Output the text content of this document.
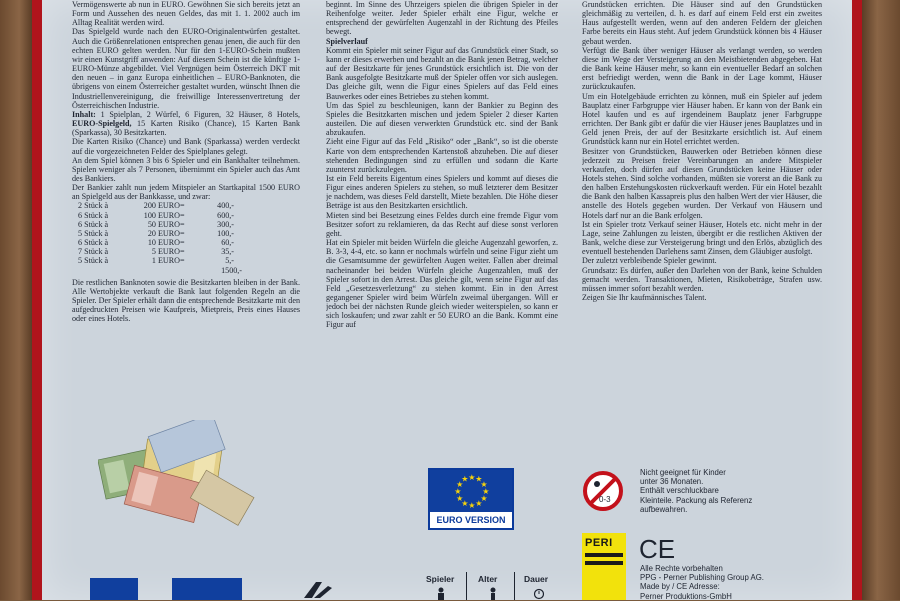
Vermögenswerte ab nun in EURO. Gewöhnen Sie sich bereits jetzt an Form und Aussehen des neuen Geldes, das mit 1. 1. 2002 auch im Alltag Realität werden wird.

Das Spielgeld wurde nach den EURO-Originalentwürfen gestaltet. Auch die Größenrelationen entsprechen genau jenen, die auch für den echten EURO gelten werden. Nur für den 1-EURO-Schein mußten wir einen Kunstgriff anwenden: Auf diesem Schein ist die künftige 1-EURO-Münze abgebildet. Viel Vergnügen beim Österreich DKT mit den neuen – in ganz Europa einheitlichen – EURO-Banknoten, die übrigens von einem Österreicher gestaltet wurden, wünscht Ihnen die Industriellenvereinigung, die freiwillige Interessenvertretung der Österreichischen Industrie.

Inhalt: 1 Spielplan, 2 Würfel, 6 Figuren, 32 Häuser, 8 Hotels, EURO-Spielgeld, 15 Karten Risiko (Chance), 15 Karten Bank (Sparkassa), 30 Besitzkarten.

Die Karten Risiko (Chance) und Bank (Sparkassa) werden verdeckt auf die vorgezeichneten Felder des Spielplanes gelegt.

An dem Spiel können 3 bis 6 Spieler und ein Bankhalter teilnehmen. Spielen weniger als 7 Personen, übernimmt ein Spieler auch das Amt des Bankiers.

Der Bankier zahlt nun jedem Mitspieler an Startkapital 1500 EURO an Spielgeld aus der Bankkasse, und zwar:

2 Stück à	200 EURO =	400,-
6 Stück à	100 EURO =	600,-
6 Stück à	50 EURO =	300,-
5 Stück à	20 EURO =	100,-
6 Stück à	10 EURO =	60,-
7 Stück à	5 EURO =	35,-
5 Stück à	1 EURO =	5,-
1500,-

Die restlichen Banknoten sowie die Besitzkarten bleiben in der Bank. Alle Wertobjekte verkauft die Bank laut folgenden Regeln an die Spieler. Der Spieler erhält dann die entsprechende Besitzkarte mit den aufgedruckten Preisen wie Kaufpreis, Mietpreis, Preis eines Hauses oder eines Hotels.

beginnt. Im Sinne des Uhrzeigers spielen die übrigen Spieler in der Reihenfolge weiter. Jeder Spieler erhält eine Figur, welche er entsprechend der gewürfelten Augenzahl in der Richtung des Pfeiles bewegt.

Spielverlauf

Kommt ein Spieler mit seiner Figur auf das Grundstück einer Stadt, so kann er dieses erwerben und bezahlt an die Bank jenen Betrag, welcher auf der Besitzkarte für jenes Grundstück ersichtlich ist. Die von der Bank ausgefolgte Besitzkarte muß der Spieler offen vor sich auslegen. Das gleiche gilt, wenn die Figur eines Spielers auf das Feld eines Bauwerkes oder eines Betriebes zu stehen kommt.

Um das Spiel zu beschleunigen, kann der Bankier zu Beginn des Spieles die Besitzkarten mischen und jedem Spieler 2 dieser Karten austeilen. Die auf diesen verwerkten Grundstück etc. sind der Bank abzukaufen.

Zieht eine Figur auf das Feld „Risiko“ oder „Bank“, so ist die oberste Karte von dem entsprechenden Kartenstoß abzuheben. Die auf dieser stehenden Bedingungen sind zu erfüllen und sodann die Karte zuunterst zurückzulegen.

Ist ein Feld bereits Eigentum eines Spielers und kommt auf dieses die Figur eines anderen Spielers zu stehen, so muß letzterer dem Besitzer je nachdem, was dieses Feld darstellt, Miete bezahlen. Die Höhe dieser Beträge ist aus den Besitzkarten ersichtlich.

Mieten sind bei Besetzung eines Feldes durch eine fremde Figur vom Besitzer sofort zu reklamieren, da das Recht auf diese sonst verloren geht.

Hat ein Spieler mit beiden Würfeln die gleiche Augenzahl geworfen, z. B. 3-3, 4-4, etc. so kann er nochmals würfeln und seine Figur zieht um die Gesamtsumme der gewürfelten Augen weiter. Fallen aber dreimal nacheinander bei beiden Würfeln gleiche Augenzahlen, muß der Spieler sofort in den Arrest. Das gleiche gilt, wenn seine Figur auf das Feld „Gesetzesverletzung“ zu stehen kommt. Ein in den Arrest gegangener Spieler wird beim Würfeln zweimal übergangen. Will er jedoch bei der nächsten Runde gleich wieder weiterspielen, so kann er sich loskaufen; und zwar zahlt er 50 EURO an die Bank. Kommt eine Figur auf

Grundstücken errichten. Die Häuser sind auf den Grundstücken gleichmäßig zu verteilen, d. h. es darf auf einem Feld erst ein zweites Haus aufgestellt werden, wenn auf den anderen Feldern der gleichen Farbe bereits ein Haus steht. Auf jedem Grundstück können bis 4 Häuser gebaut werden.

Verfügt die Bank über weniger Häuser als verlangt werden, so werden diese im Wege der Versteigerung an den Meistbietenden abgegeben. Hat die Bank keine Häuser mehr, so kann ein eventueller Bedarf an solchen erst befriedigt werden, wenn die Bank in der Lage kommt, Häuser zurückzukaufen.

Um ein Hotelgebäude errichten zu können, muß ein Spieler auf jedem Bauplatz einer Farbgruppe vier Häuser haben. Er kann von der Bank ein Hotel kaufen und es auf irgendeinem Bauplatz jener Farbgruppe errichten. Der Bank gibt er dafür die vier Häuser jenes Bauplatzes und in Geld jenen Preis, der auf der Besitzkarte ersichtlich ist. Auf einem Grundstück kann nur ein Hotel errichtet werden.

Besitzer von Grundstücken, Bauwerken oder Betrieben können diese jederzeit zu Preisen freier Vereinbarungen an andere Mitspieler verkaufen, doch dürfen auf diesen Grundstücken keine Häuser oder Hotels stehen. Sind solche vorhanden, müßten sie vorerst an die Bank zu den halben Erstehungskosten rückverkauft werden. Für ein Hotel bezahlt die Bank den halben Kassapreis plus den halben Wert der vier Häuser, die anstelle des Hotels gegeben wurden. Der Verkauf von Häusern und Hotels darf nur an die Bank erfolgen.

Ist ein Spieler trotz Verkauf seiner Häuser, Hotels etc. nicht mehr in der Lage, seine Zahlungen zu leisten, übergibt er die restlichen Aktiven der Bank, welche diese zur Versteigerung bringt und den Erlös, abzüglich des eventuell bestehenden Darlehens samt Zinsen, dem Gläubiger ausfolgt.

Der zuletzt verbleibende Spieler gewinnt.

Grundsatz: Es dürfen, außer den Darlehen von der Bank, keine Schulden gemacht werden. Transaktionen, Mieten, Risikobeträge, Strafen usw. müssen immer sofort bezahlt werden.

Zeigen Sie Ihr kaufmännisches Talent.

★
★
★
★
★
★
★
★
★ ★ ★
★
EURO VERSION
0-3

Nicht geeignet für Kinder

unter 36 Monaten.

Enthält verschluckbare

Kleinteile. Packung als Referenz

aufbewahren.

PERI CE

Alle Rechte vorbehalten

PPG - Perner Publishing Group AG.

Made by / CE Adresse:

Perner Produktions-GmbH

Spieler	Alter	Dauer
